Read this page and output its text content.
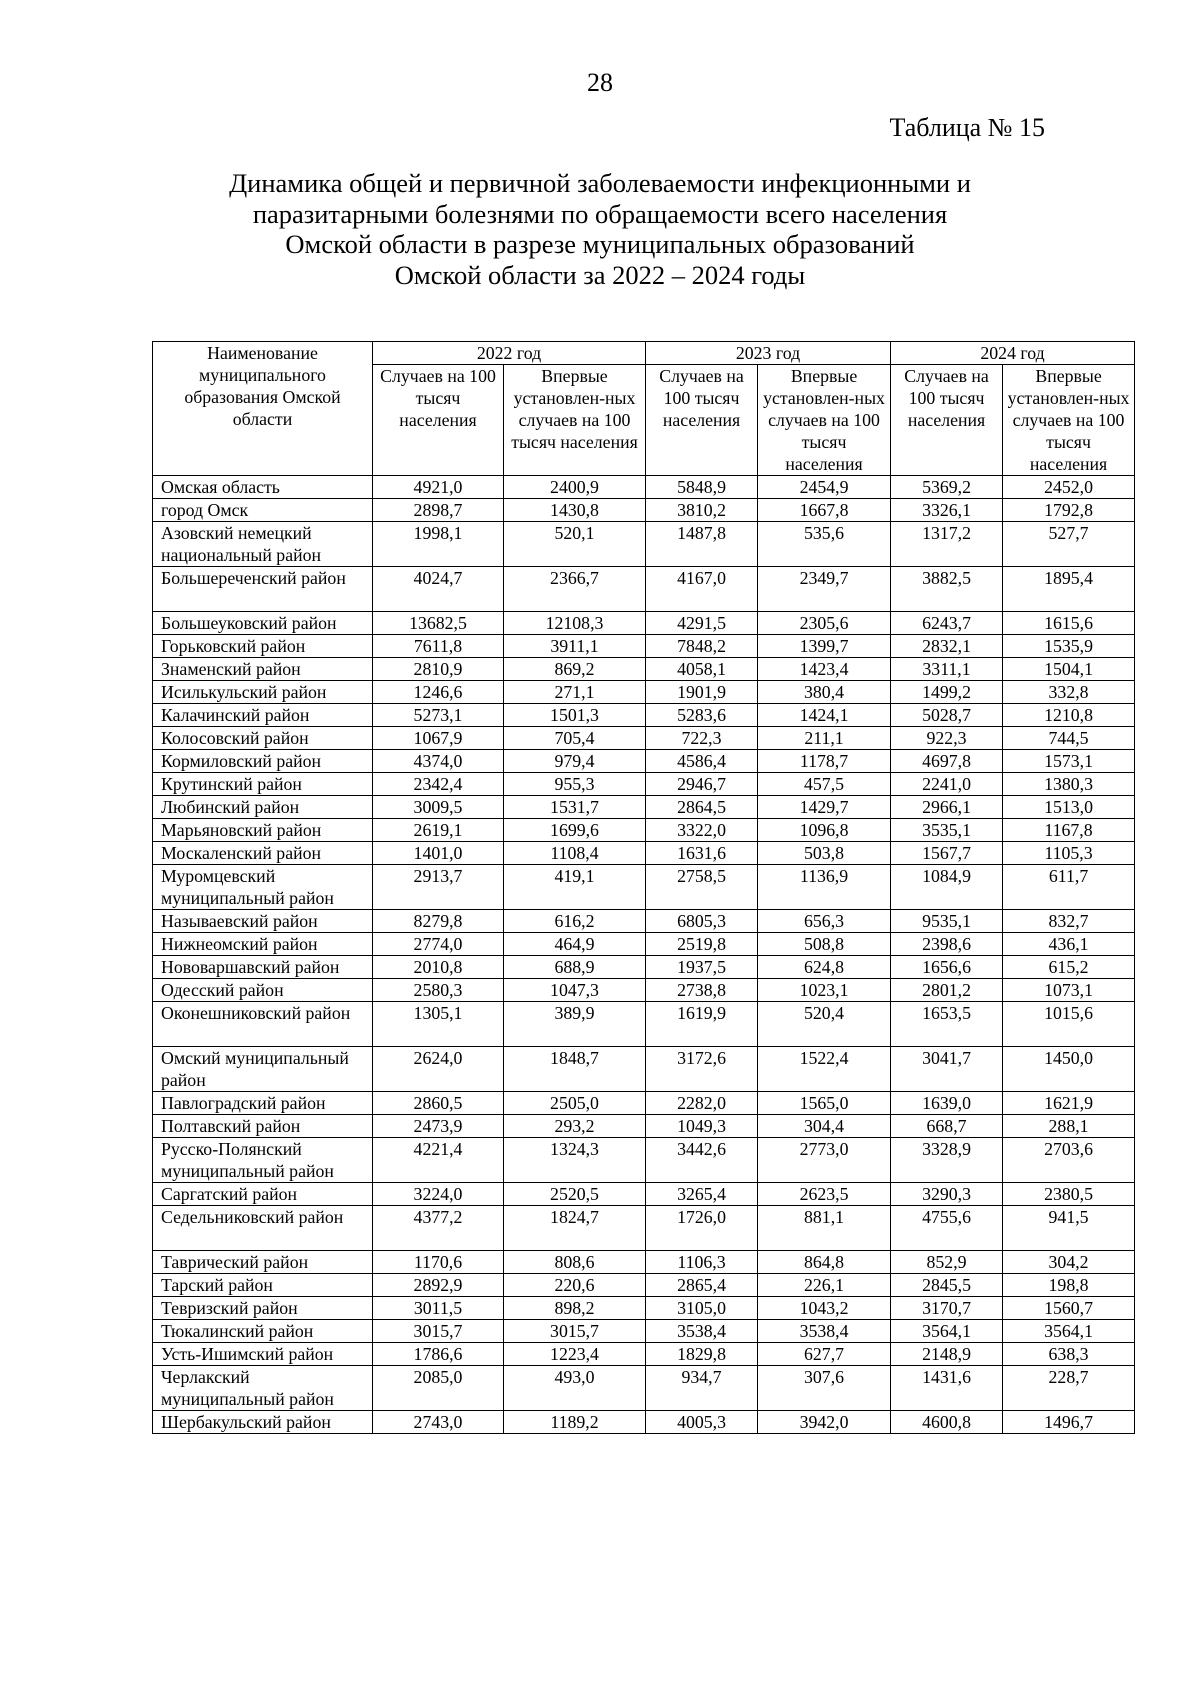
28
Таблица № 15
Динамика общей и первичной заболеваемости инфекционными и
паразитарными болезнями по обращаемости всего населения
Омской области в разрезе муниципальных образований
Омской области за 2022 – 2024 годы
Наименование муниципального образования Омской области	2022 год		2023 год		2024 год	
	Случаев на 100 тысяч населения	Впервые установлен-ных случаев на 100 тысяч населения	Случаев на 100 тысяч населения	Впервые установлен-ных случаев на 100 тысяч населения	Случаев на 100 тысяч населения	Впервые установлен-ных случаев на 100 тысяч населения
Омская область	4921,0	2400,9	5848,9	2454,9	5369,2	2452,0
город Омск	2898,7	1430,8	3810,2	1667,8	3326,1	1792,8
Азовский немецкий национальный район	1998,1	520,1	1487,8	535,6	1317,2	527,7
Большереченский район	4024,7	2366,7	4167,0	2349,7	3882,5	1895,4
Большеуковский район	13682,5	12108,3	4291,5	2305,6	6243,7	1615,6
Горьковский район	7611,8	3911,1	7848,2	1399,7	2832,1	1535,9
Знаменский район	2810,9	869,2	4058,1	1423,4	3311,1	1504,1
Исилькульский район	1246,6	271,1	1901,9	380,4	1499,2	332,8
Калачинский район	5273,1	1501,3	5283,6	1424,1	5028,7	1210,8
Колосовский район	1067,9	705,4	722,3	211,1	922,3	744,5
Кормиловский район	4374,0	979,4	4586,4	1178,7	4697,8	1573,1
Крутинский район	2342,4	955,3	2946,7	457,5	2241,0	1380,3
Любинский район	3009,5	1531,7	2864,5	1429,7	2966,1	1513,0
Марьяновский район	2619,1	1699,6	3322,0	1096,8	3535,1	1167,8
Москаленский район	1401,0	1108,4	1631,6	503,8	1567,7	1105,3
Муромцевский муниципальный район	2913,7	419,1	2758,5	1136,9	1084,9	611,7
Называевский район	8279,8	616,2	6805,3	656,3	9535,1	832,7
Нижнеомский район	2774,0	464,9	2519,8	508,8	2398,6	436,1
Нововаршавский район	2010,8	688,9	1937,5	624,8	1656,6	615,2
Одесский район	2580,3	1047,3	2738,8	1023,1	2801,2	1073,1
Оконешниковский район	1305,1	389,9	1619,9	520,4	1653,5	1015,6
Омский муниципальный район	2624,0	1848,7	3172,6	1522,4	3041,7	1450,0
Павлоградский район	2860,5	2505,0	2282,0	1565,0	1639,0	1621,9
Полтавский район	2473,9	293,2	1049,3	304,4	668,7	288,1
Русско-Полянский муниципальный район	4221,4	1324,3	3442,6	2773,0	3328,9	2703,6
Саргатский район	3224,0	2520,5	3265,4	2623,5	3290,3	2380,5
Седельниковский район	4377,2	1824,7	1726,0	881,1	4755,6	941,5
Таврический район	1170,6	808,6	1106,3	864,8	852,9	304,2
Тарский район	2892,9	220,6	2865,4	226,1	2845,5	198,8
Тевризский район	3011,5	898,2	3105,0	1043,2	3170,7	1560,7
Тюкалинский район	3015,7	3015,7	3538,4	3538,4	3564,1	3564,1
Усть-Ишимский район	1786,6	1223,4	1829,8	627,7	2148,9	638,3
Черлакский муниципальный район	2085,0	493,0	934,7	307,6	1431,6	228,7
Шербакульский район	2743,0	1189,2	4005,3	3942,0	4600,8	1496,7
